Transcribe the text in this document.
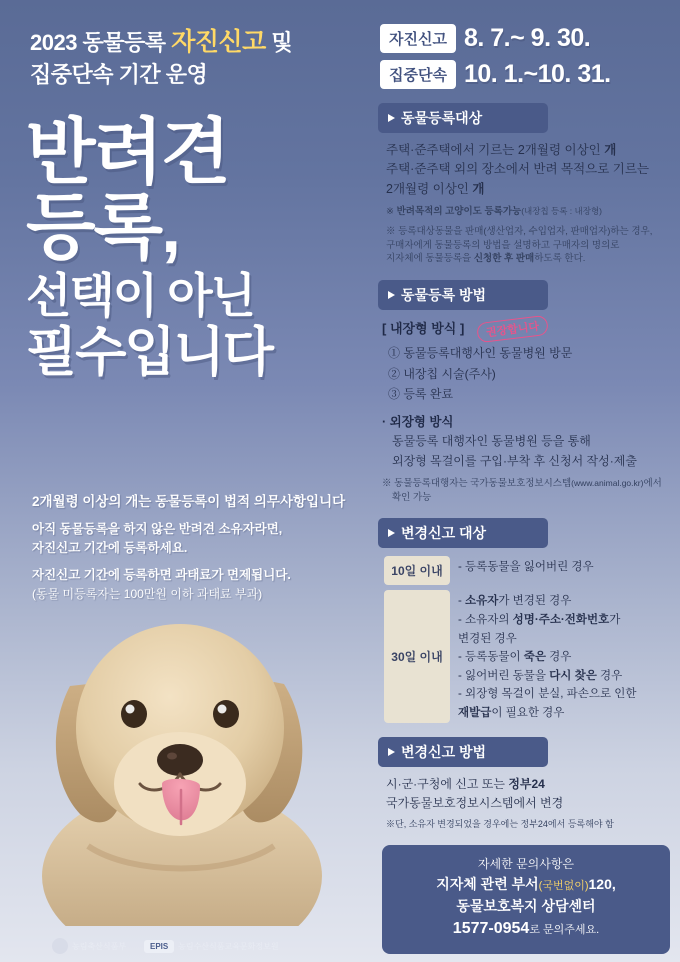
2023 동물등록 자진신고 및
집중단속 기간 운영
반려견
등록,
선택이 아닌
필수입니다

2개월령 이상의 개는 동물등록이 법적 의무사항입니다

아직 동물등록을 하지 않은 반려견 소유자라면,
자진신고 기간에 등록하세요.

자진신고 기간에 등록하면 과태료가 면제됩니다.
(동물 미등록자는 100만원 이하 과태료 부과)

농림축산식품부	EPIS	농림수산식품교육문화정보원
자진신고 8. 7.~ 9. 30.
집중단속 10. 1.~10. 31.
동물등록대상
주택·준주택에서 기르는 2개월령 이상인 개
주택·준주택 외의 장소에서 반려 목적으로 기르는
2개월령 이상인 개
※ 반려목적의 고양이도 등록가능(내장칩 등록 : 내장형)
※ 등록대상동물을 판매(생산업자, 수입업자, 판매업자)하는 경우,
구매자에게 동물등록의 방법을 설명하고 구매자의 명의로
지자체에 동물등록을 신청한 후 판매하도록 한다.
동물등록 방법
[ 내장형 방식 ] 권장합니다
① 동물등록대행사인 동물병원 방문
② 내장칩 시술(주사)
③ 등록 완료
· 외장형 방식
동물등록 대행자인 동물병원 등을 통해
외장형 목걸이를 구입·부착 후 신청서 작성·제출
※ 동물등록대행자는 국가동물보호정보시스템(www.animal.go.kr)에서
확인 가능
변경신고 대상
10일 이내	- 등록동물을 잃어버린 경우
30일 이내
- 소유자가 변경된 경우
- 소유자의 성명·주소·전화번호가
변경된 경우
- 등록동물이 죽은 경우
- 잃어버린 동물을 다시 찾은 경우
- 외장형 목걸이 분실, 파손으로 인한
재발급이 필요한 경우
변경신고 방법
시·군·구청에 신고 또는 정부24
국가동물보호정보시스템에서 변경
※단, 소유자 변경되었을 경우에는 정부24에서 등록해야 함
자세한 문의사항은
지자체 관련 부서(국번없이)120,
동물보호복지 상담센터
1577-0954로 문의주세요.
